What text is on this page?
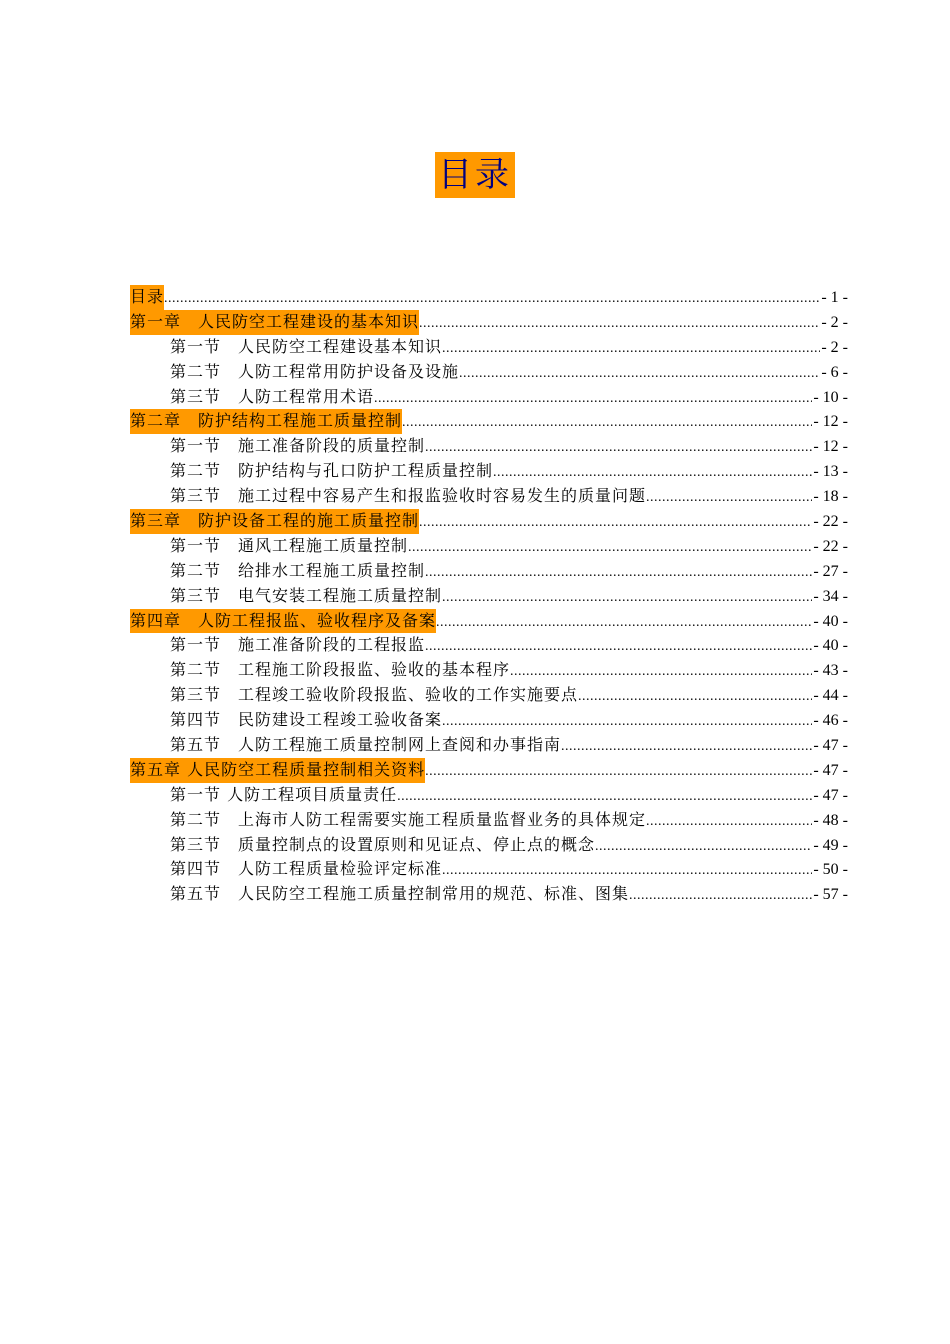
目录
目录 .....	- 1 -
第一章　人民防空工程建设的基本知识 .....	- 2 -
第一节　人民防空工程建设基本知识 .....	- 2 -
第二节　人防工程常用防护设备及设施 .....	- 6 -
第三节　人防工程常用术语 .....	- 10 -
第二章　防护结构工程施工质量控制 .....	- 12 -
第一节　施工准备阶段的质量控制 .....	- 12 -
第二节　防护结构与孔口防护工程质量控制 .....	- 13 -
第三节　施工过程中容易产生和报监验收时容易发生的质量问题 .....	- 18 -
第三章　防护设备工程的施工质量控制 .....	- 22 -
第一节　通风工程施工质量控制 .....	- 22 -
第二节　给排水工程施工质量控制 .....	- 27 -
第三节　电气安装工程施工质量控制 .....	- 34 -
第四章　人防工程报监、验收程序及备案 .....	- 40 -
第一节　施工准备阶段的工程报监 .....	- 40 -
第二节　工程施工阶段报监、验收的基本程序 .....	- 43 -
第三节　工程竣工验收阶段报监、验收的工作实施要点 .....	- 44 -
第四节　民防建设工程竣工验收备案 .....	- 46 -
第五节　人防工程施工质量控制网上查阅和办事指南 .....	- 47 -
第五章 人民防空工程质量控制相关资料 .....	- 47 -
第一节 人防工程项目质量责任 .....	- 47 -
第二节　上海市人防工程需要实施工程质量监督业务的具体规定 .....	- 48 -
第三节　质量控制点的设置原则和见证点、停止点的概念 .....	- 49 -
第四节　人防工程质量检验评定标准 .....	- 50 -
第五节　人民防空工程施工质量控制常用的规范、标准、图集 .....	- 57 -
